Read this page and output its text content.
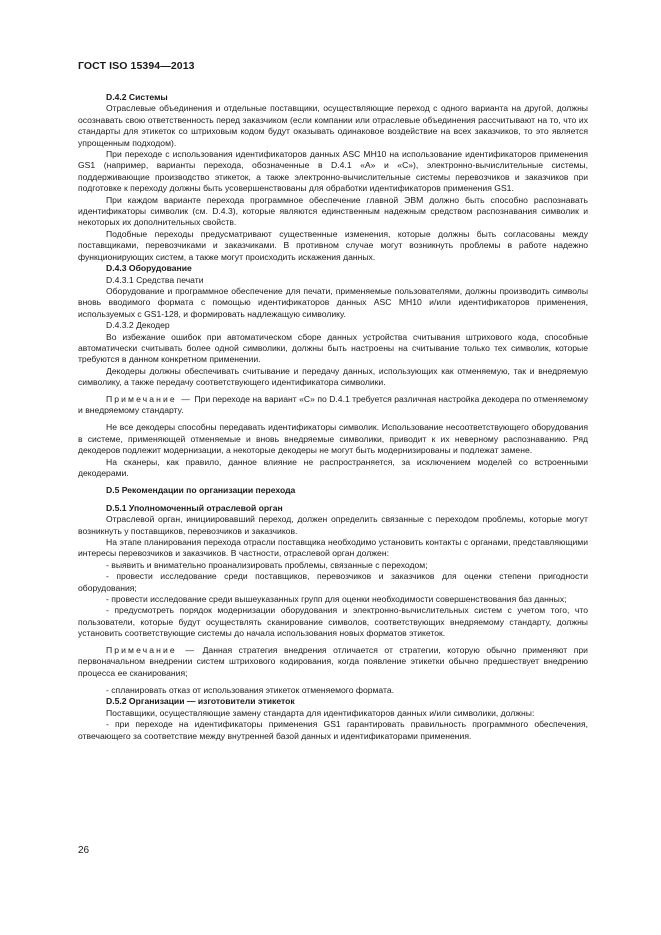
ГОСТ ISO 15394—2013

D.4.2 Системы

Отраслевые объединения и отдельные поставщики, осуществляющие переход с одного варианта на другой, должны осознавать свою ответственность перед заказчиком (если компании или отраслевые объединения рассчитывают на то, что их стандарты для этикеток со штриховым кодом будут оказывать одинаковое воздействие на всех заказчиков, то это является упрощенным подходом).

При переходе с использования идентификаторов данных ASC MH10 на использование идентификаторов применения GS1 (например, варианты перехода, обозначенные в D.4.1 «A» и «C»), электронно-вычислительные системы, поддерживающие производство этикеток, а также электронно-вычислительные системы перевозчиков и заказчиков при подготовке к переходу должны быть усовершенствованы для обработки идентификаторов применения GS1.

При каждом варианте перехода программное обеспечение главной ЭВМ должно быть способно распознавать идентификаторы символик (см. D.4.3), которые являются единственным надежным средством распознавания символик и некоторых их дополнительных свойств.

Подобные переходы предусматривают существенные изменения, которые должны быть согласованы между поставщиками, перевозчиками и заказчиками. В противном случае могут возникнуть проблемы в работе надежно функционирующих систем, а также могут происходить искажения данных.

D.4.3 Оборудование

D.4.3.1 Средства печати

Оборудование и программное обеспечение для печати, применяемые пользователями, должны производить символы вновь вводимого формата с помощью идентификаторов данных ASC MH10 и/или идентификаторов применения, используемых с GS1-128, и формировать надлежащую символику.

D.4.3.2 Декодер

Во избежание ошибок при автоматическом сборе данных устройства считывания штрихового кода, способные автоматически считывать более одной символики, должны быть настроены на считывание только тех символик, которые требуются в данном конкретном применении.

Декодеры должны обеспечивать считывание и передачу данных, использующих как отменяемую, так и внедряемую символику, а также передачу соответствующего идентификатора символики.

Примечание — При переходе на вариант «C» по D.4.1 требуется различная настройка декодера по отменяемому и внедряемому стандарту.

Не все декодеры способны передавать идентификаторы символик. Использование несоответствующего оборудования в системе, применяющей отменяемые и вновь внедряемые символики, приводит к их неверному распознаванию. Ряд декодеров подлежит модернизации, а некоторые декодеры не могут быть модернизированы и подлежат замене.

На сканеры, как правило, данное влияние не распространяется, за исключением моделей со встроенными декодерами.

D.5 Рекомендации по организации перехода

D.5.1 Уполномоченный отраслевой орган

Отраслевой орган, инициировавший переход, должен определить связанные с переходом проблемы, которые могут возникнуть у поставщиков, перевозчиков и заказчиков.

На этапе планирования перехода отрасли поставщика необходимо установить контакты с органами, представляющими интересы перевозчиков и заказчиков. В частности, отраслевой орган должен:

- выявить и внимательно проанализировать проблемы, связанные с переходом;

- провести исследование среди поставщиков, перевозчиков и заказчиков для оценки степени пригодности оборудования;

- провести исследование среди вышеуказанных групп для оценки необходимости совершенствования баз данных;

- предусмотреть порядок модернизации оборудования и электронно-вычислительных систем с учетом того, что пользователи, которые будут осуществлять сканирование символов, соответствующих внедряемому стандарту, должны установить соответствующие системы до начала использования новых форматов этикеток.

Примечание — Данная стратегия внедрения отличается от стратегии, которую обычно применяют при первоначальном внедрении систем штрихового кодирования, когда появление этикетки обычно предшествует внедрению процесса ее сканирования;

- спланировать отказ от использования этикеток отменяемого формата.

D.5.2 Организации — изготовители этикеток

Поставщики, осуществляющие замену стандарта для идентификаторов данных и/или символики, должны:

- при переходе на идентификаторы применения GS1 гарантировать правильность программного обеспечения, отвечающего за соответствие между внутренней базой данных и идентификаторами применения.

26
